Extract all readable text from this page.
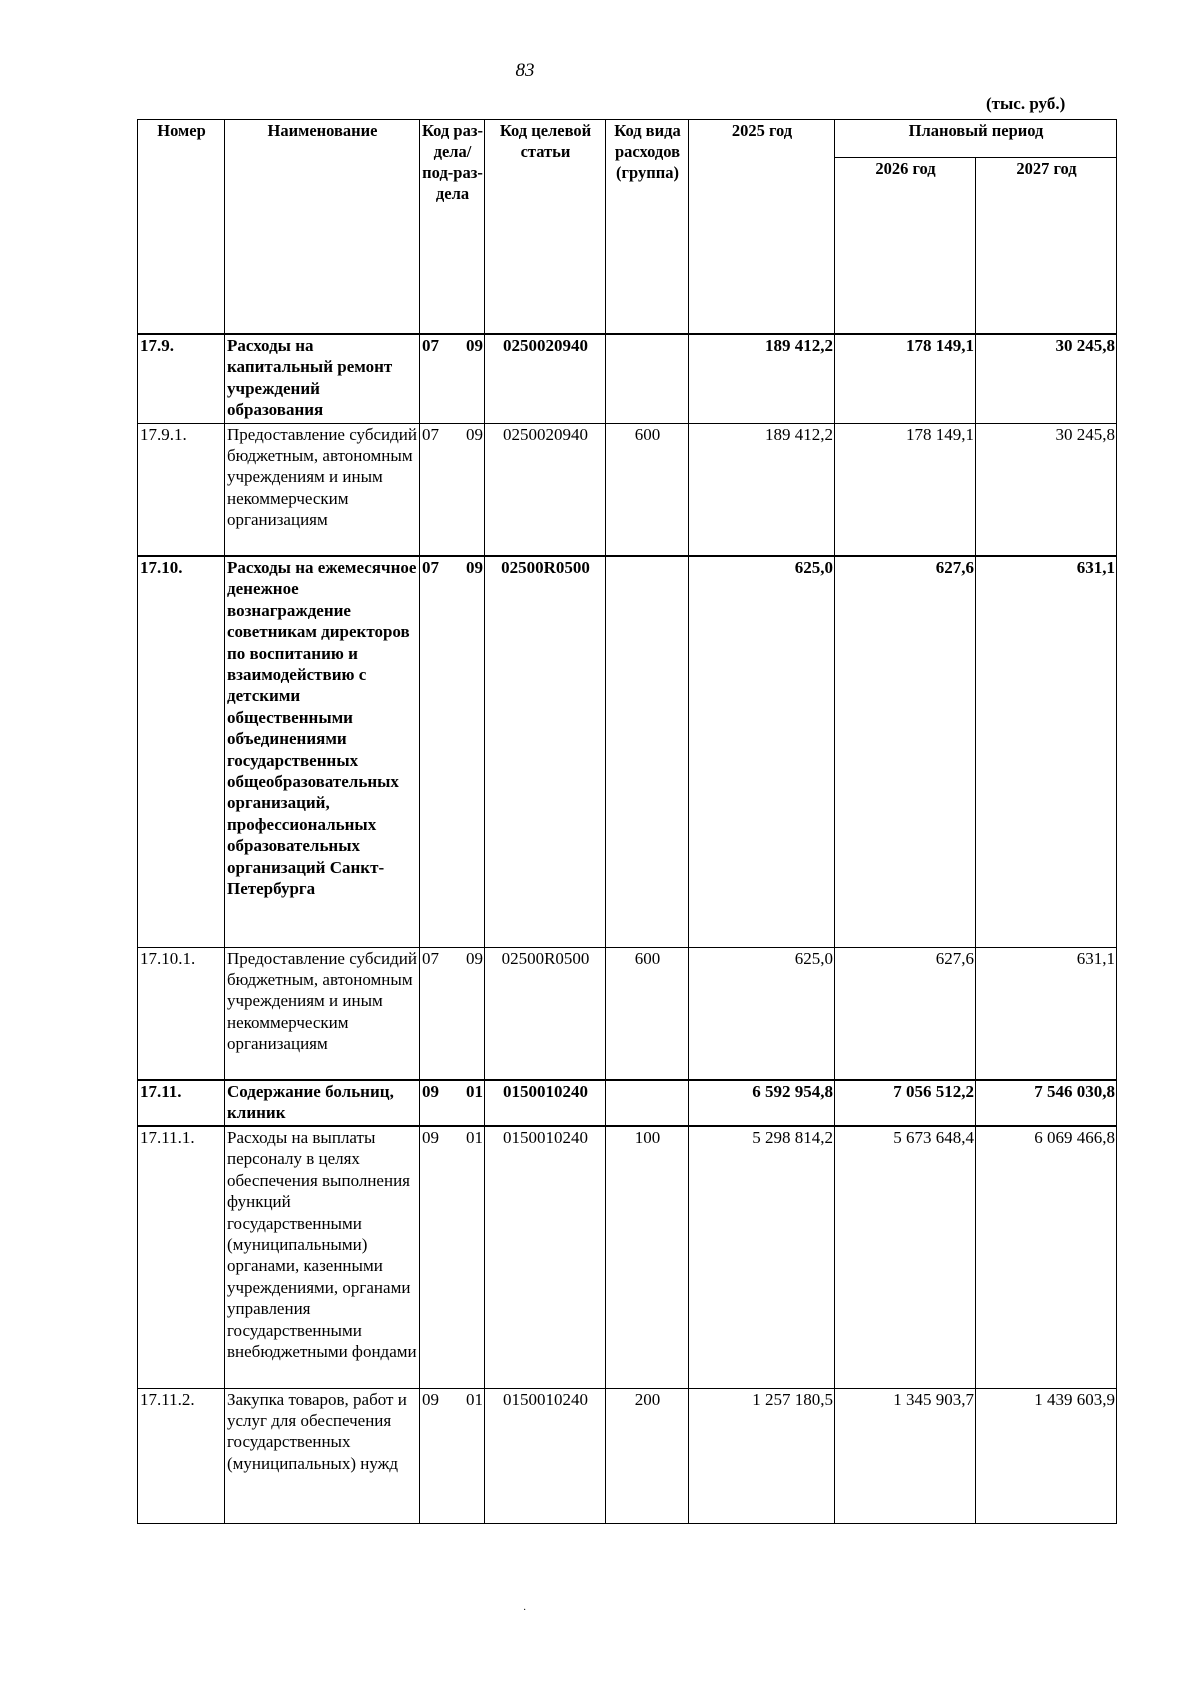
83
(тыс. руб.)
Номер	Наименование	Код раз-дела/ под-раз-дела	Код целевой статьи	Код вида расходов (группа)	2025 год	Плановый период	
						2026 год	2027 год
17.9.	Расходы на капитальный ремонт учреждений образования	07 09	0250020940		189 412,2	178 149,1	30 245,8
17.9.1.	Предоставление субсидий бюджетным, автономным учреждениям и иным некоммерческим организациям	07 09	0250020940	600	189 412,2	178 149,1	30 245,8
17.10.	Расходы на ежемесячное денежное вознаграждение советникам директоров по воспитанию и взаимодействию с детскими общественными объединениями государственных общеобразовательных организаций, профессиональных образовательных организаций Санкт-Петербурга	07 09	02500R0500		625,0	627,6	631,1
17.10.1.	Предоставление субсидий бюджетным, автономным учреждениям и иным некоммерческим организациям	07 09	02500R0500	600	625,0	627,6	631,1
17.11.	Содержание больниц, клиник	09 01	0150010240		6 592 954,8	7 056 512,2	7 546 030,8
17.11.1.	Расходы на выплаты персоналу в целях обеспечения выполнения функций государственными (муниципальными) органами, казенными учреждениями, органами управления государственными внебюджетными фондами	09 01	0150010240	100	5 298 814,2	5 673 648,4	6 069 466,8
17.11.2.	Закупка товаров, работ и услуг для обеспечения государственных (муниципальных) нужд	09 01	0150010240	200	1 257 180,5	1 345 903,7	1 439 603,9
·
